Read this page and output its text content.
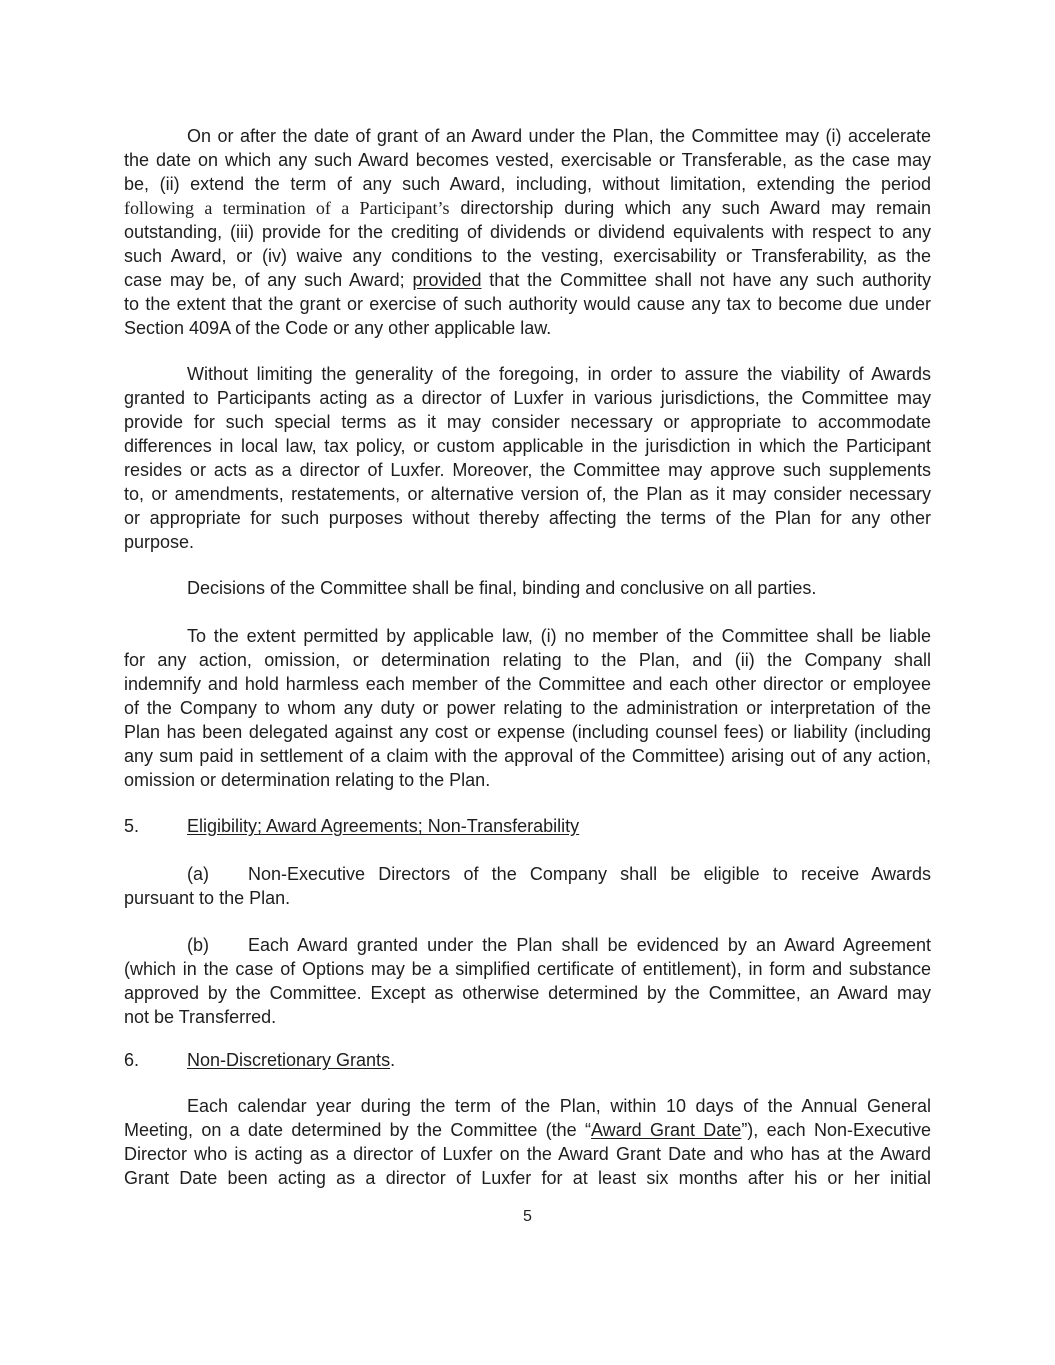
On or after the date of grant of an Award under the Plan, the Committee may (i) accelerate
the date on which any such Award becomes vested, exercisable or Transferable, as the case may
be, (ii) extend the term of any such Award, including, without limitation, extending the period
following a termination of a Participant’s directorship during which any such Award may remain
outstanding, (iii) provide for the crediting of dividends or dividend equivalents with respect to any
such Award, or (iv) waive any conditions to the vesting, exercisability or Transferability, as the
case may be, of any such Award; provided that the Committee shall not have any such authority
to the extent that the grant or exercise of such authority would cause any tax to become due under
Section 409A of the Code or any other applicable law.
Without limiting the generality of the foregoing, in order to assure the viability of Awards
granted to Participants acting as a director of Luxfer in various jurisdictions, the Committee may
provide for such special terms as it may consider necessary or appropriate to accommodate
differences in local law, tax policy, or custom applicable in the jurisdiction in which the Participant
resides or acts as a director of Luxfer. Moreover, the Committee may approve such supplements
to, or amendments, restatements, or alternative version of, the Plan as it may consider necessary
or appropriate for such purposes without thereby affecting the terms of the Plan for any other
purpose.
Decisions of the Committee shall be final, binding and conclusive on all parties.
To the extent permitted by applicable law, (i) no member of the Committee shall be liable
for any action, omission, or determination relating to the Plan, and (ii) the Company shall
indemnify and hold harmless each member of the Committee and each other director or employee
of the Company to whom any duty or power relating to the administration or interpretation of the
Plan has been delegated against any cost or expense (including counsel fees) or liability (including
any sum paid in settlement of a claim with the approval of the Committee) arising out of any action,
omission or determination relating to the Plan.
5.	Eligibility; Award Agreements; Non-Transferability
(a) Non-Executive Directors of the Company shall be eligible to receive Awards
pursuant to the Plan.
(b) Each Award granted under the Plan shall be evidenced by an Award Agreement
(which in the case of Options may be a simplified certificate of entitlement), in form and substance
approved by the Committee. Except as otherwise determined by the Committee, an Award may
not be Transferred.
6.	Non-Discretionary Grants.
Each calendar year during the term of the Plan, within 10 days of the Annual General
Meeting, on a date determined by the Committee (the “Award Grant Date”), each Non-Executive
Director who is acting as a director of Luxfer on the Award Grant Date and who has at the Award
Grant Date been acting as a director of Luxfer for at least six months after his or her initial
5
